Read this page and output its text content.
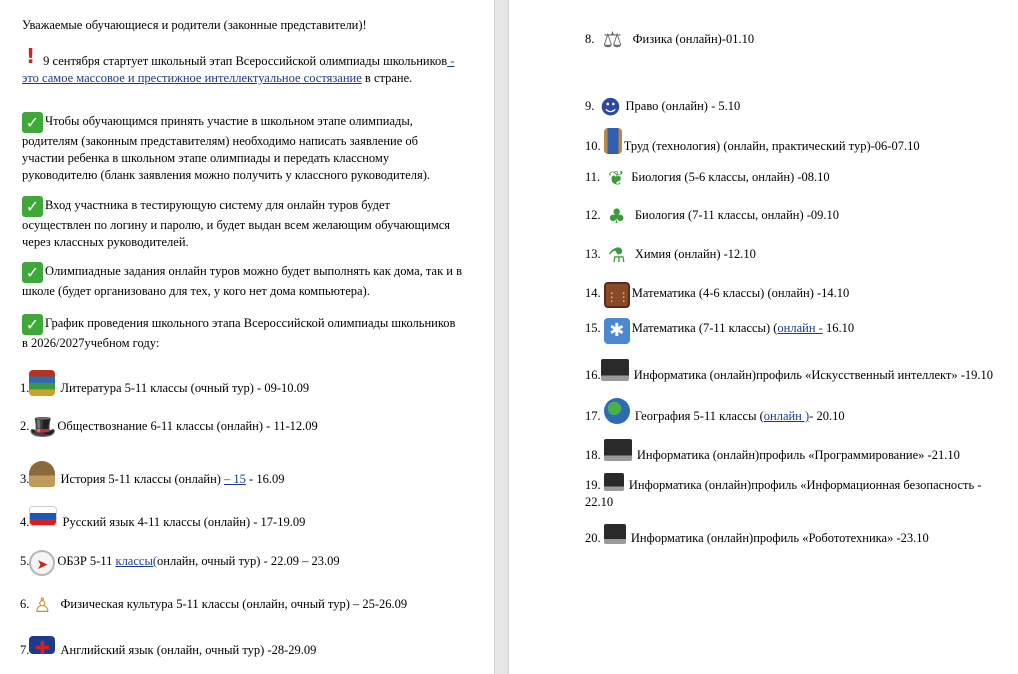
Уважаемые обучающиеся и родители (законные представители)!

! 9 сентября стартует школьный этап Всероссийской олимпиады школьников - это самое массовое и престижное интеллектуальное состязание в стране.

✓ Чтобы обучающимся принять участие в школьном этапе олимпиады, родителям (законным представителям) необходимо написать заявление об участии ребенка в школьном этапе олимпиады и передать классному руководителю (бланк заявления можно получить у классного руководителя).

✓ Вход участника в тестирующую систему для онлайн туров будет осуществлен по логину и паролю, и будет выдан всем желающим обучающимся через классных руководителей.

✓ Олимпиадные задания онлайн туров можно будет выполнять как дома, так и в школе (будет организовано для тех, у кого нет дома компьютера).

✓ График проведения школьного этапа Всероссийской олимпиады школьников в 2026/2027учебном году:

1. Литература 5-11 классы (очный тур) - 09-10.09
2.🎩Обществознание 6-11 классы (онлайн) - 11-12.09
3. История 5-11 классы (онлайн) – 15 - 16.09
4. Русский язык 4-11 классы (онлайн) - 17-19.09
5. ➤ ОБЗР 5-11 классы(онлайн, очный тур) - 22.09 – 23.09
6. ♙ Физическая культура 5-11 классы (онлайн, очный тур) – 25-26.09
7. ✚ Английский язык (онлайн, очный тур) -28-29.09
8. ⚖ Физика (онлайн)-01.10
9. ☻ Право (онлайн) - 5.10
10. Труд (технология) (онлайн, практический тур)-06-07.10
11. ❦ Биология (5-6 классы, онлайн) -08.10
12. ♣ Биология (7-11 классы, онлайн) -09.10
13. ⚗ Химия (онлайн) -12.10
14. ⋮⋮⋮Математика (4-6 классы) (онлайн) -14.10
15. ✱ Математика (7-11 классы) (онлайн - 16.10
16. Информатика (онлайн)профиль «Искусственный интеллект» -19.10
17.  География 5-11 классы (онлайн )- 20.10
18.	Информатика (онлайн)профиль «Программирование» -21.10
19.  Информатика (онлайн)профиль «Информационная безопасность -
22.10
20.  Информатика (онлайн)профиль «Робототехника» -23.10
